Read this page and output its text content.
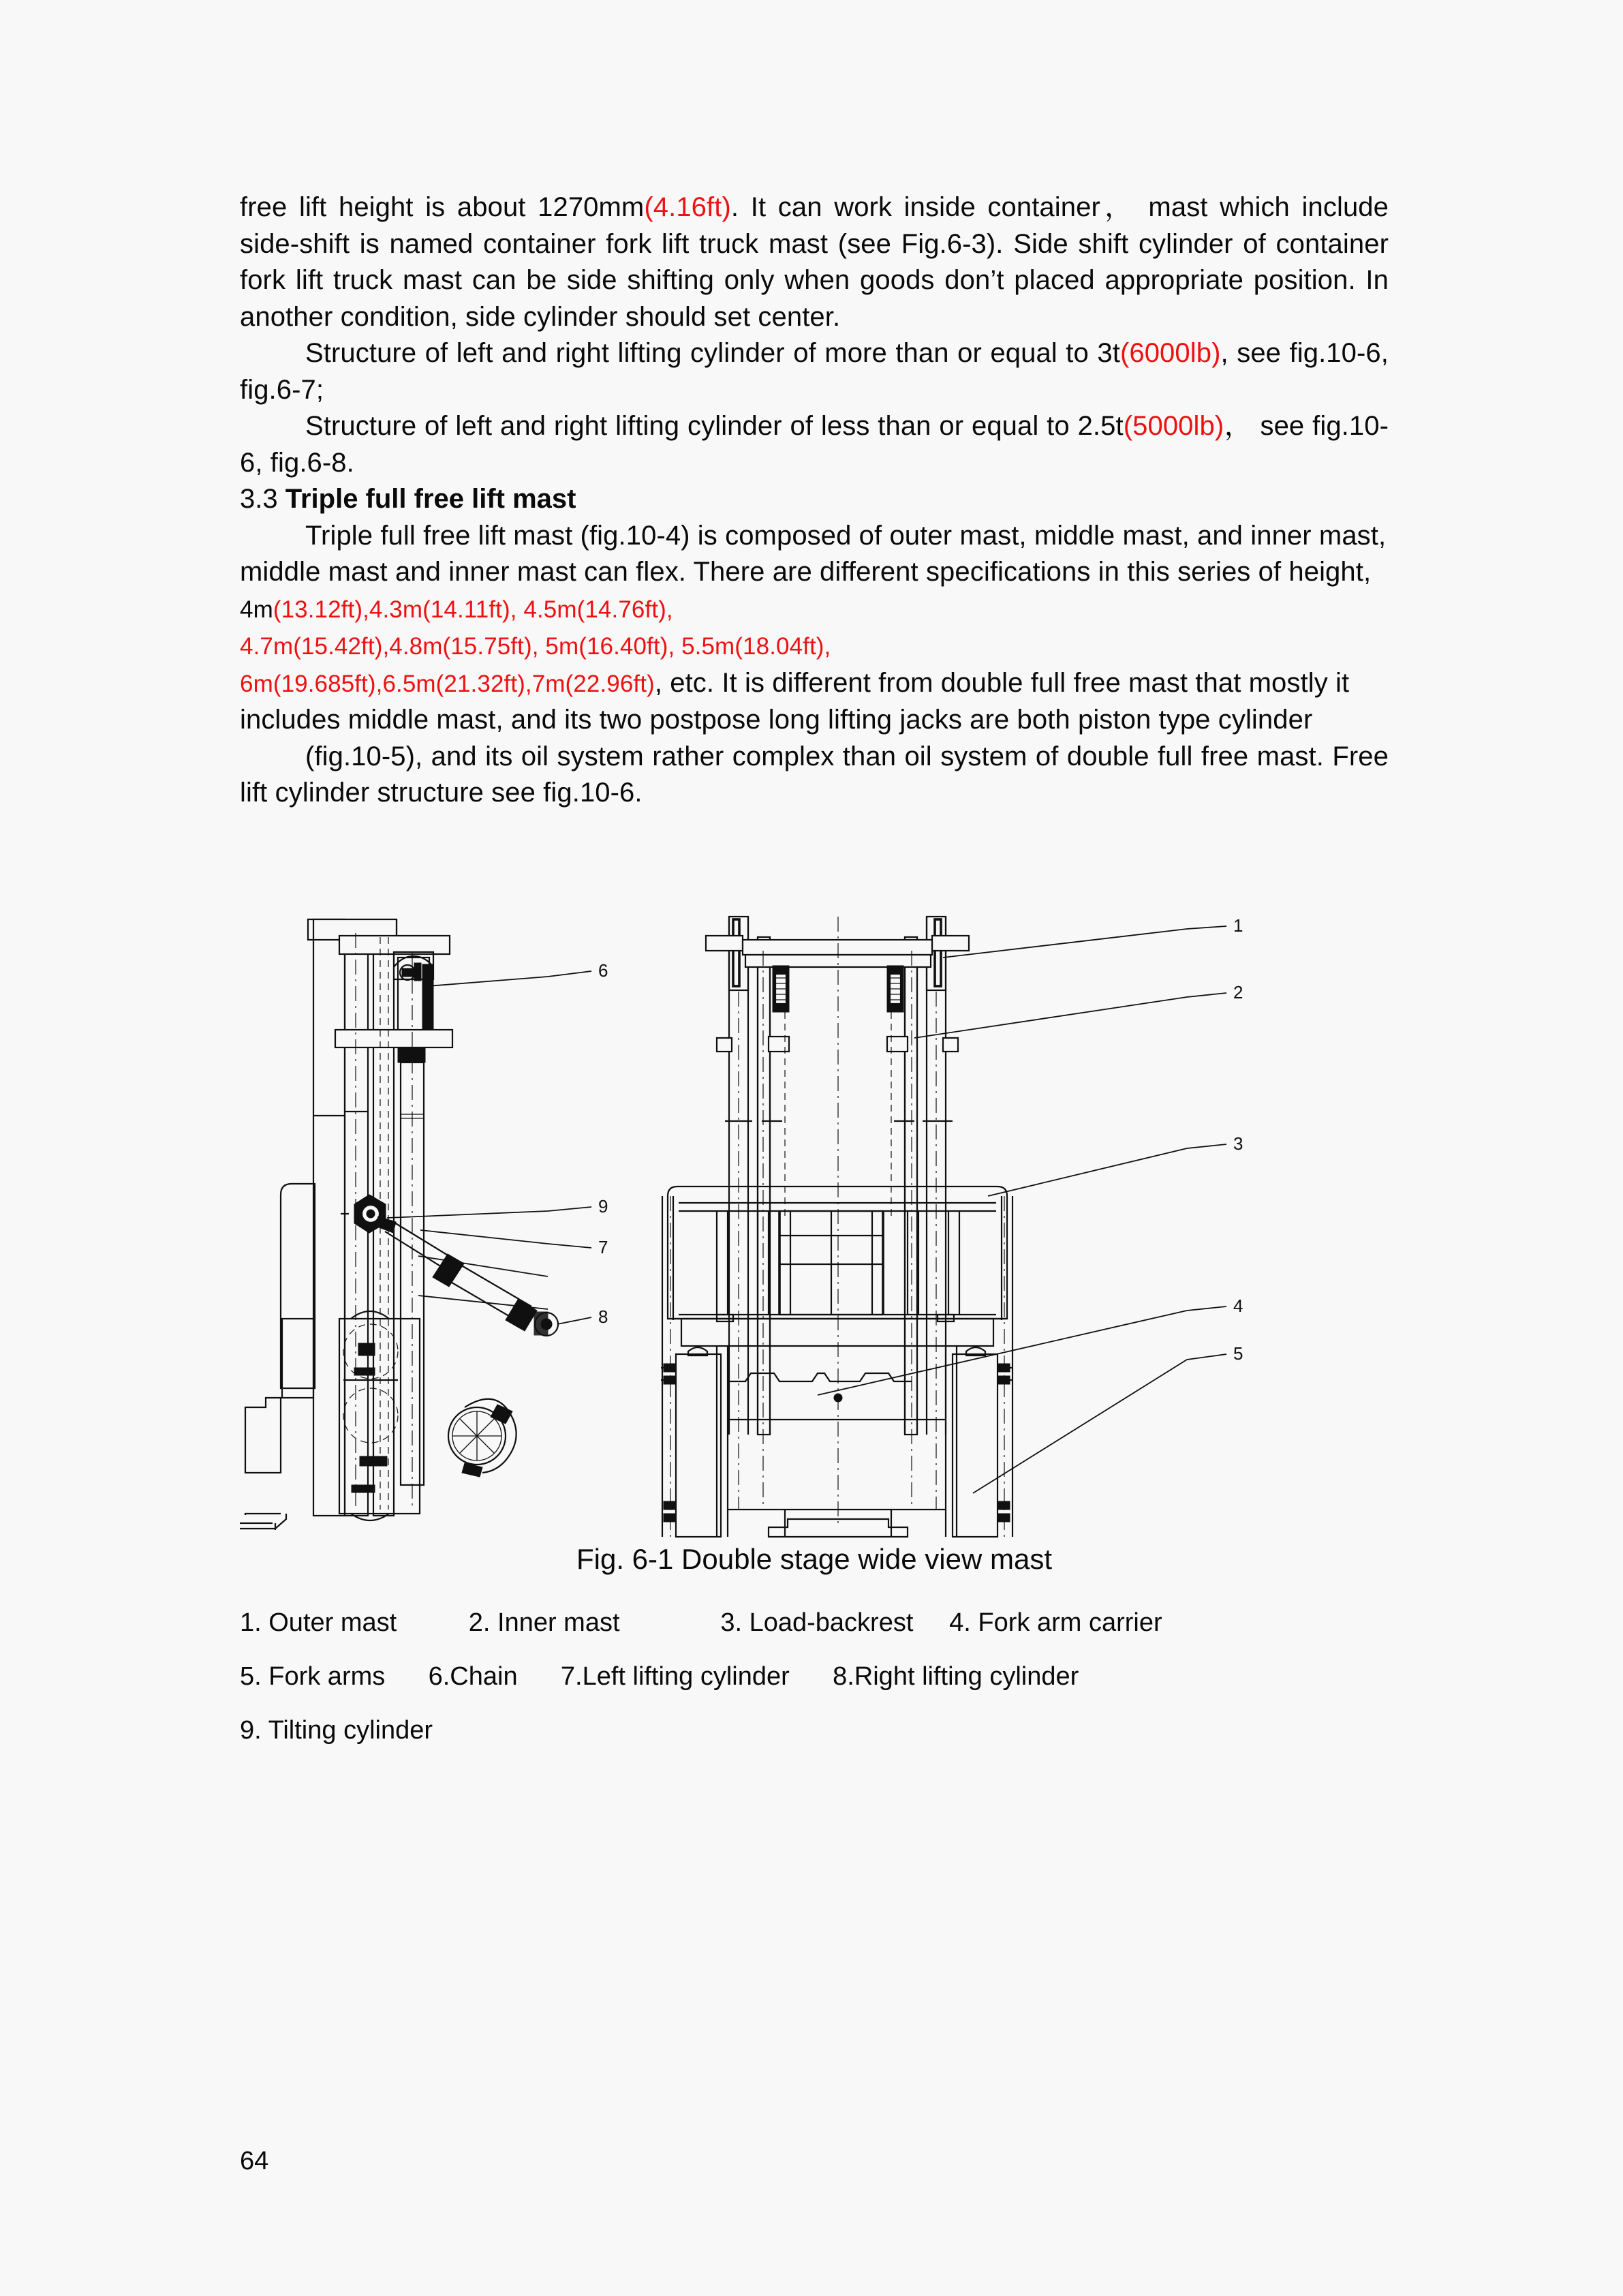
free lift height is about 1270mm(4.16ft). It can work inside container， mast which include side-shift is named container fork lift truck mast (see Fig.6-3). Side shift cylinder of container fork lift truck mast can be side shifting only when goods don’t placed appropriate position. In another condition, side cylinder should set center.

Structure of left and right lifting cylinder of more than or equal to 3t(6000lb), see fig.10-6, fig.6-7;

Structure of left and right lifting cylinder of less than or equal to 2.5t(5000lb)， see fig.10-6, fig.6-8.

3.3 Triple full free lift mast

Triple full free lift mast (fig.10-4) is composed of outer mast, middle mast, and inner mast, middle mast and inner mast can flex. There are different specifications in this series of height, 4m(13.12ft),4.3m(14.11ft), 4.5m(14.76ft),
4.7m(15.42ft),4.8m(15.75ft), 5m(16.40ft), 5.5m(18.04ft),
6m(19.685ft),6.5m(21.32ft),7m(22.96ft), etc. It is different from double full free mast that mostly it includes middle mast, and its two postpose long lifting jacks are both piston type cylinder

(fig.10-5), and its oil system rather complex than oil system of double full free mast. Free lift cylinder structure see fig.10-6.

6
9
7
8
1
2
3
4
5
Fig. 6-1 Double stage wide view mast
1. Outer mast          2. Inner mast              3. Load-backrest     4. Fork arm carrier
5. Fork arms      6.Chain      7.Left lifting cylinder      8.Right lifting cylinder
9. Tilting cylinder
64
